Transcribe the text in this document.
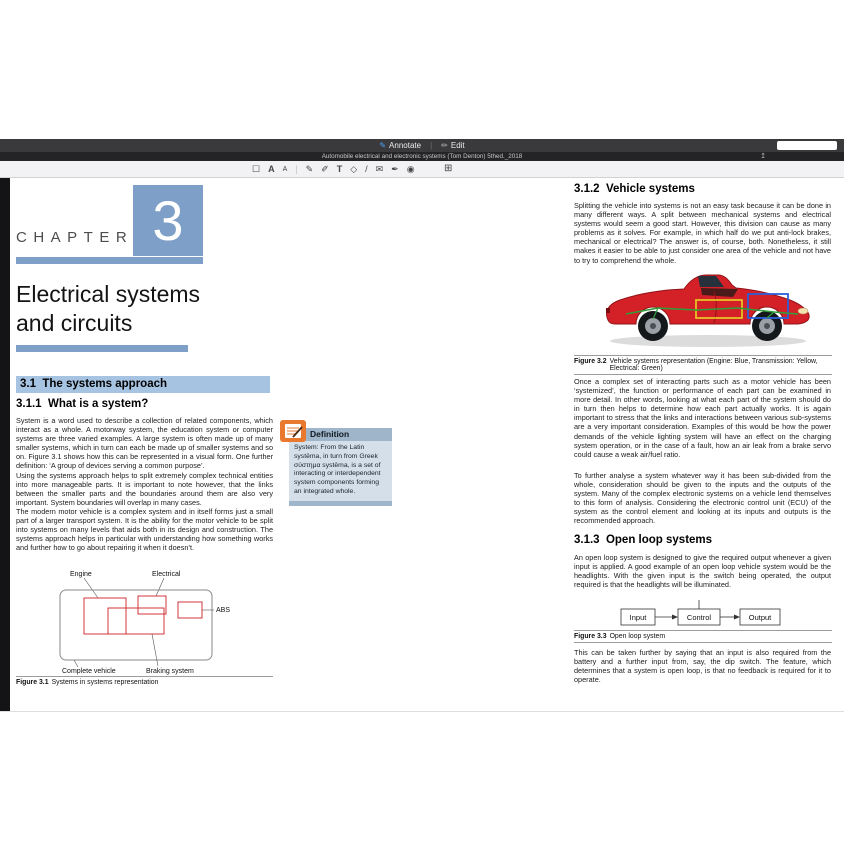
✎ Annotate | ✏ Edit
Automobile electrical and electronic systems (Tom Denton) 5thed._2018	↥
☐ A A | ✎ ✐ T ◇ / ✉ ✒ ◉	⊞
CHAPTER 3
Electrical systems
and circuits
3.1  The systems approach
3.1.1  What is a system?

System is a word used to describe a collection of related components, which interact as a whole. A motorway system, the education system or computer systems are three varied examples. A large system is often made up of many smaller systems, which in turn can each be made up of smaller systems and so on. Figure 3.1 shows how this can be represented in a visual form. One further definition: ‘A group of devices serving a common purpose’.

Using the systems approach helps to split extremely complex technical entities into more manageable parts. It is important to note however, that the links between the smaller parts and the boundaries around them are also very important. System boundaries will overlap in many cases.

The modern motor vehicle is a complex system and in itself forms just a small part of a larger transport system. It is the ability for the motor vehicle to be split into systems on many levels that aids both in its design and construction. The systems approach helps in particular with understanding how something works and further how to go about repairing it when it doesn’t.

Definition
System: From the Latin systēma, in turn from Greek σύστημα systēma, is a set of interacting or interdependent system components forming an integrated whole.
Engine	Electrical
ABS
Complete vehicle	Braking system
Figure 3.1 Systems in systems representation
3.1.2  Vehicle systems
Splitting the vehicle into systems is not an easy task because it can be done in many different ways. A split between mechanical systems and electrical systems would seem a good start. However, this division can cause as many problems as it solves. For example, in which half do we put anti-lock brakes, mechanical or electrical? The answer is, of course, both. Nonetheless, it still makes it easier to be able to just consider one area of the vehicle and not have to try to comprehend the whole.
Figure 3.2 Vehicle systems representation (Engine: Blue, Transmission: Yellow, Electrical: Green)
Once a complex set of interacting parts such as a motor vehicle has been ‘systemized’, the function or performance of each part can be examined in more detail. In other words, looking at what each part of the system should do in turn then helps to determine how each part actually works. It is again important to stress that the links and interactions between various sub-systems are a very important consideration. Examples of this would be how the power demands of the vehicle lighting system will have an effect on the charging system operation, or in the case of a fault, how an air leak from a brake servo could cause a weak air/fuel ratio.
To further analyse a system whatever way it has been sub-divided from the whole, consideration should be given to the inputs and the outputs of the system. Many of the complex electronic systems on a vehicle lend themselves to this form of analysis. Considering the electronic control unit (ECU) of the system as the control element and looking at its inputs and outputs is the recommended approach.
3.1.3  Open loop systems
An open loop system is designed to give the required output whenever a given input is applied. A good example of an open loop vehicle system would be the headlights. With the given input is the switch being operated, the output required is that the headlights will be illuminated.
Input	Control	Output
Figure 3.3 Open loop system
This can be taken further by saying that an input is also required from the battery and a further input from, say, the dip switch. The feature, which determines that a system is open loop, is that no feedback is required for it to operate.
